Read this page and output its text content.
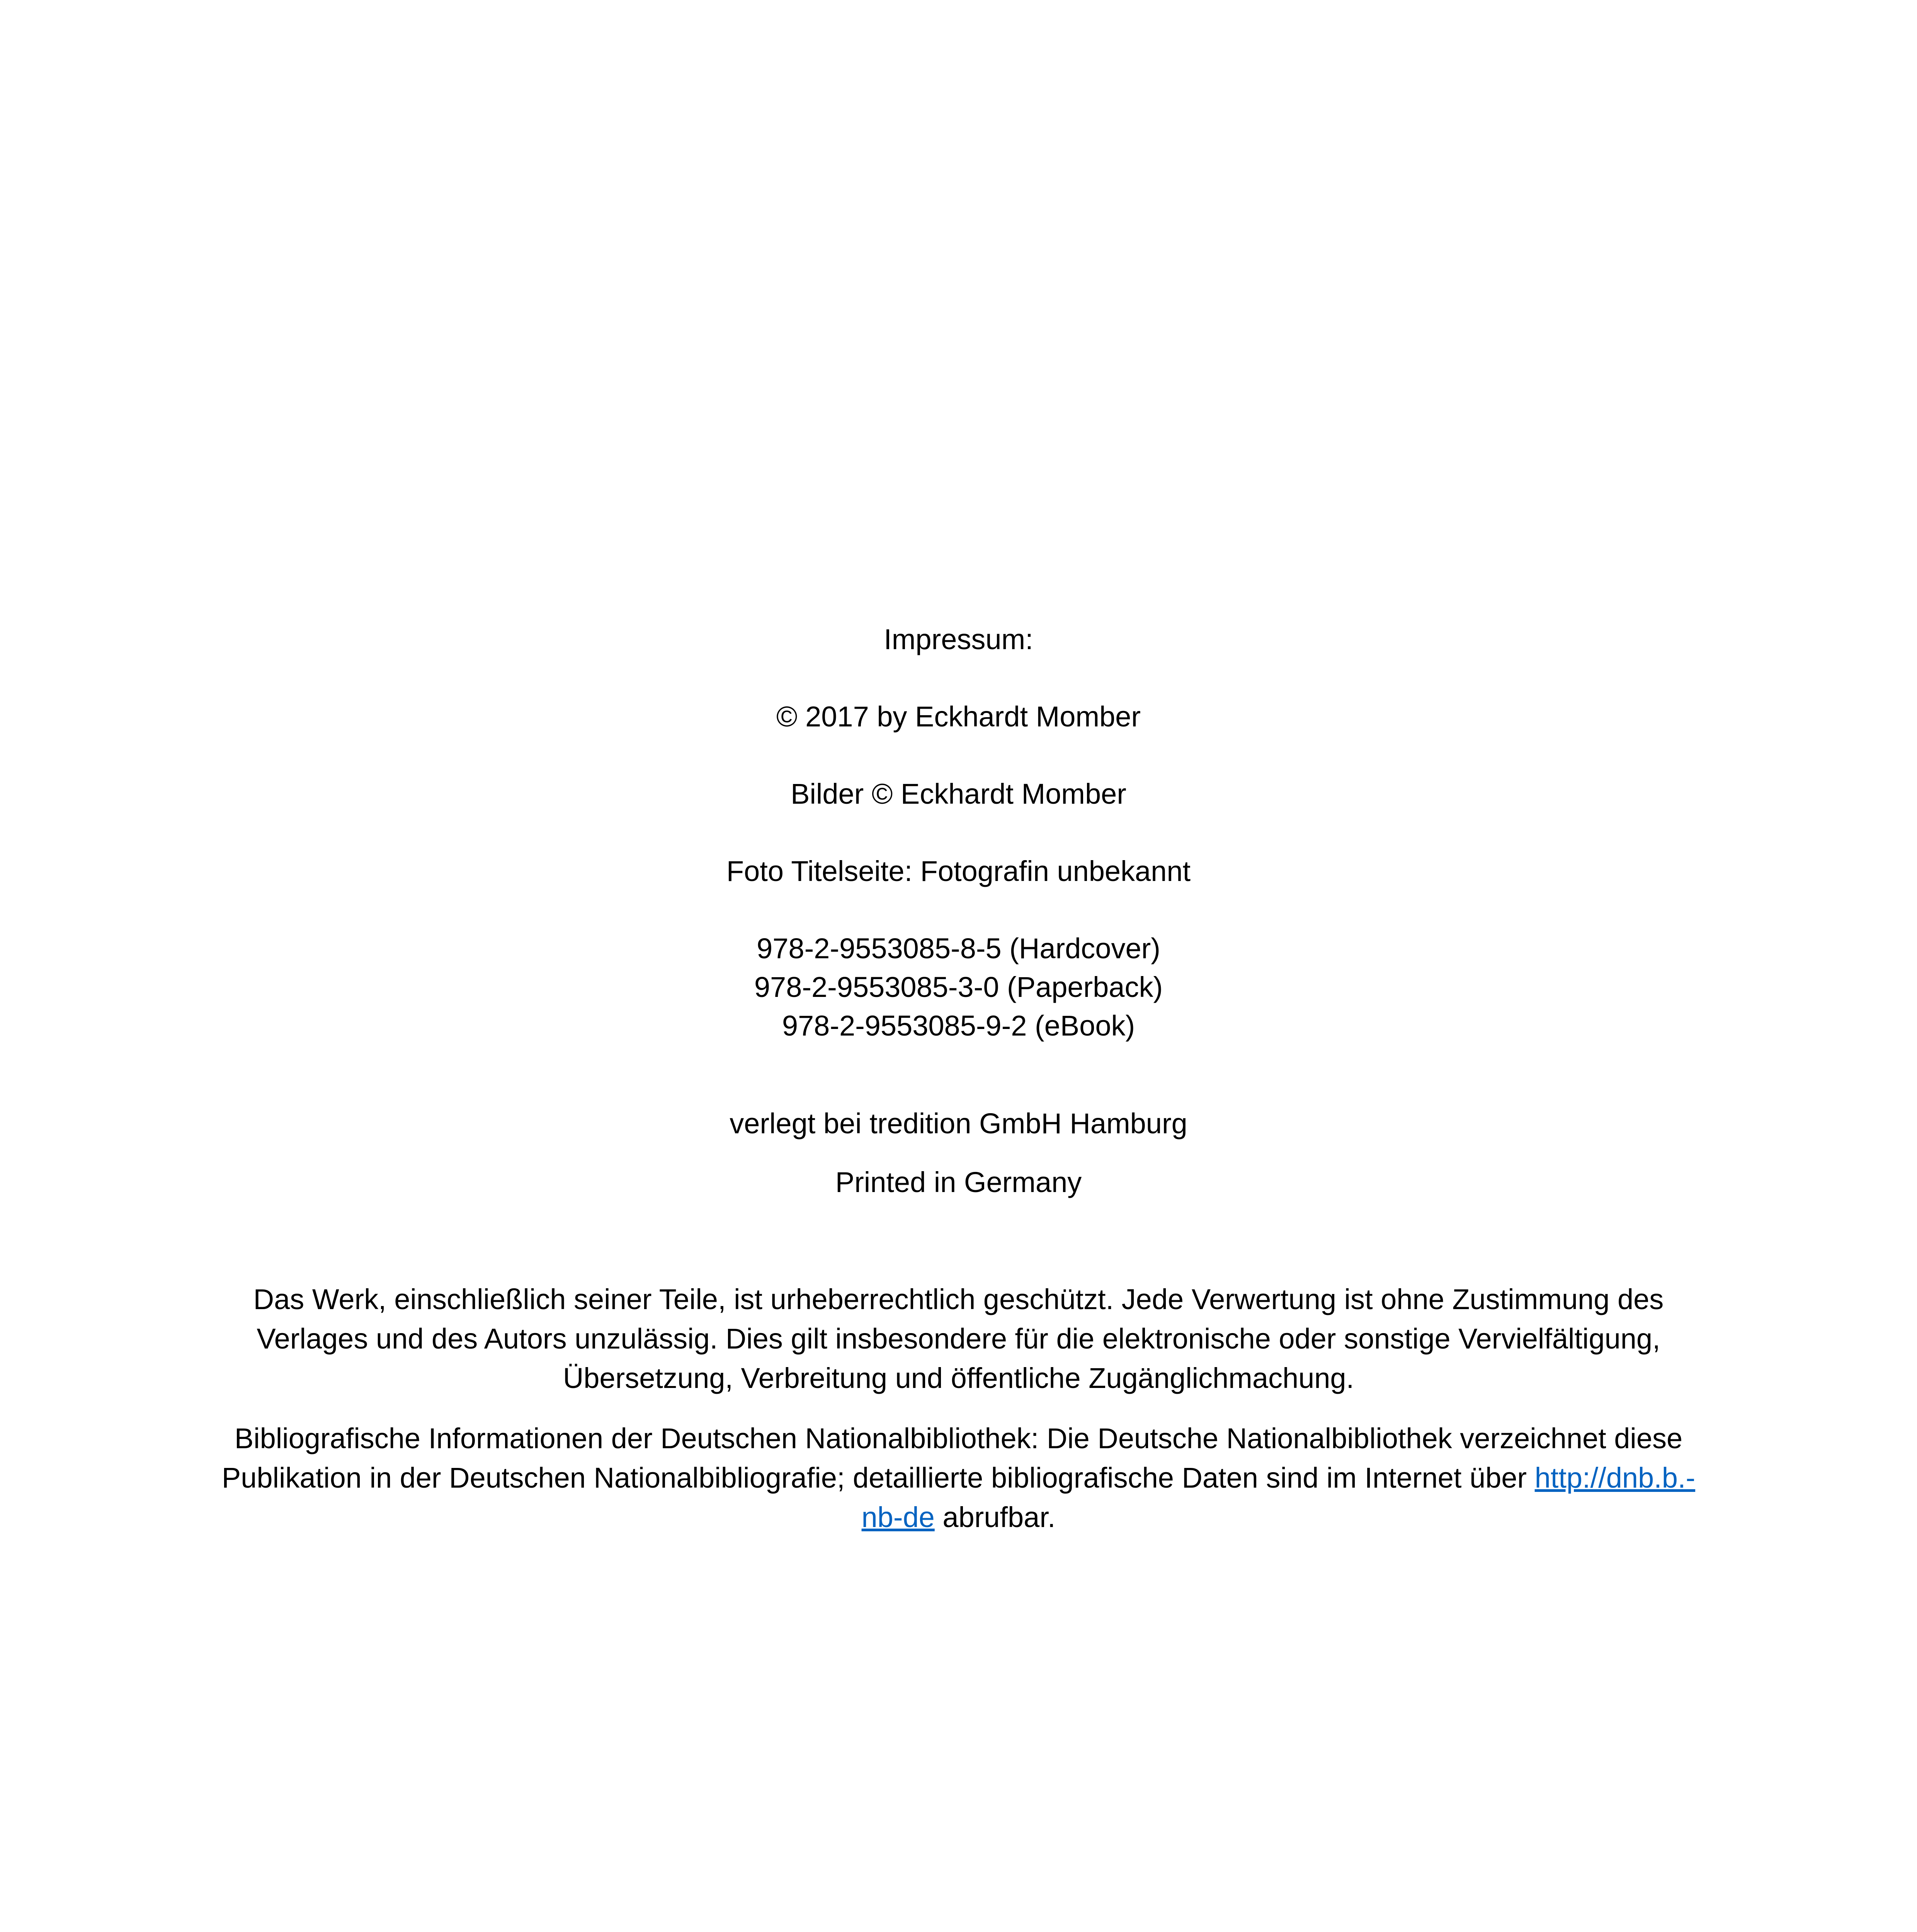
Impressum:
© 2017 by Eckhardt Momber
Bilder © Eckhardt Momber
Foto Titelseite: Fotografin unbekannt
978-2-9553085-8-5 (Hardcover)
978-2-9553085-3-0 (Paperback)
978-2-9553085-9-2 (eBook)
verlegt bei tredition GmbH Hamburg
Printed in Germany
Das Werk, einschließlich seiner Teile, ist urheberrechtlich geschützt. Jede Verwertung ist ohne Zustimmung des Verlages und des Autors unzulässig. Dies gilt insbesondere für die elektronische oder sonstige Vervielfältigung, Übersetzung, Verbreitung und öffentliche Zugänglichmachung.
Bibliografische Informationen der Deutschen Nationalbibliothek: Die Deutsche Nationalbibliothek verzeichnet diese Publikation in der Deutschen Nationalbibliografie; detaillierte bibliografische Daten sind im Internet über http://dnb.b.-nb-de abrufbar.
